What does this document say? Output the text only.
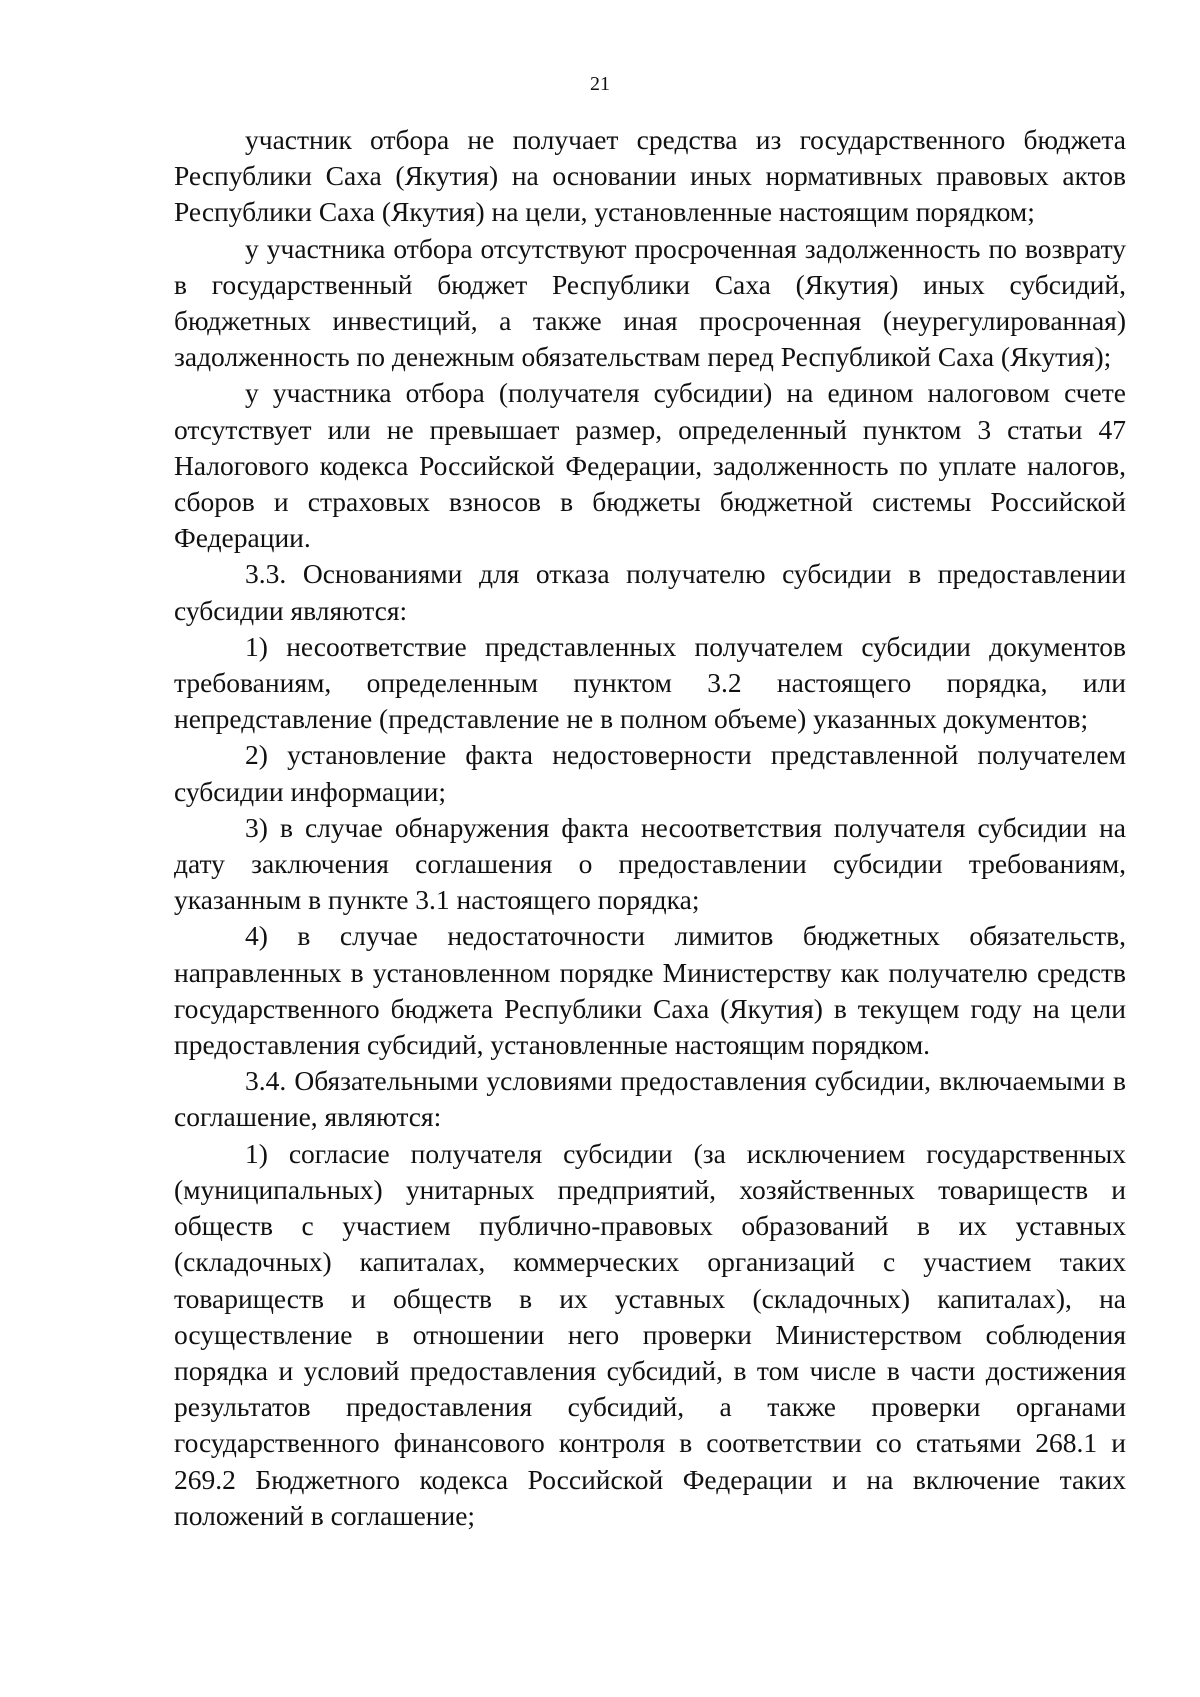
21

участник отбора не получает средства из государственного бюджета Республики Саха (Якутия) на основании иных нормативных правовых актов Республики Саха (Якутия) на цели, установленные настоящим порядком;

у участника отбора отсутствуют просроченная задолженность по возврату в государственный бюджет Республики Саха (Якутия) иных субсидий, бюджетных инвестиций, а также иная просроченная (неурегулированная) задолженность по денежным обязательствам перед Республикой Саха (Якутия);

у участника отбора (получателя субсидии) на едином налоговом счете отсутствует или не превышает размер, определенный пунктом 3 статьи 47 Налогового кодекса Российской Федерации, задолженность по уплате налогов, сборов и страховых взносов в бюджеты бюджетной системы Российской Федерации.

3.3. Основаниями для отказа получателю субсидии в предоставлении субсидии являются:

1) несоответствие представленных получателем субсидии документов требованиям, определенным пунктом 3.2 настоящего порядка, или непредставление (представление не в полном объеме) указанных документов;

2) установление факта недостоверности представленной получателем субсидии информации;

3) в случае обнаружения факта несоответствия получателя субсидии на дату заключения соглашения о предоставлении субсидии требованиям, указанным в пункте 3.1 настоящего порядка;

4) в случае недостаточности лимитов бюджетных обязательств, направленных в установленном порядке Министерству как получателю средств государственного бюджета Республики Саха (Якутия) в текущем году на цели предоставления субсидий, установленные настоящим порядком.

3.4. Обязательными условиями предоставления субсидии, включаемыми в соглашение, являются:

1) согласие получателя субсидии (за исключением государственных (муниципальных) унитарных предприятий, хозяйственных товариществ и обществ с участием публично-правовых образований в их уставных (складочных) капиталах, коммерческих организаций с участием таких товариществ и обществ в их уставных (складочных) капиталах), на осуществление в отношении него проверки Министерством соблюдения порядка и условий предоставления субсидий, в том числе в части достижения результатов предоставления субсидий, а также проверки органами государственного финансового контроля в соответствии со статьями 268.1 и 269.2 Бюджетного кодекса Российской Федерации и на включение таких положений в соглашение;
